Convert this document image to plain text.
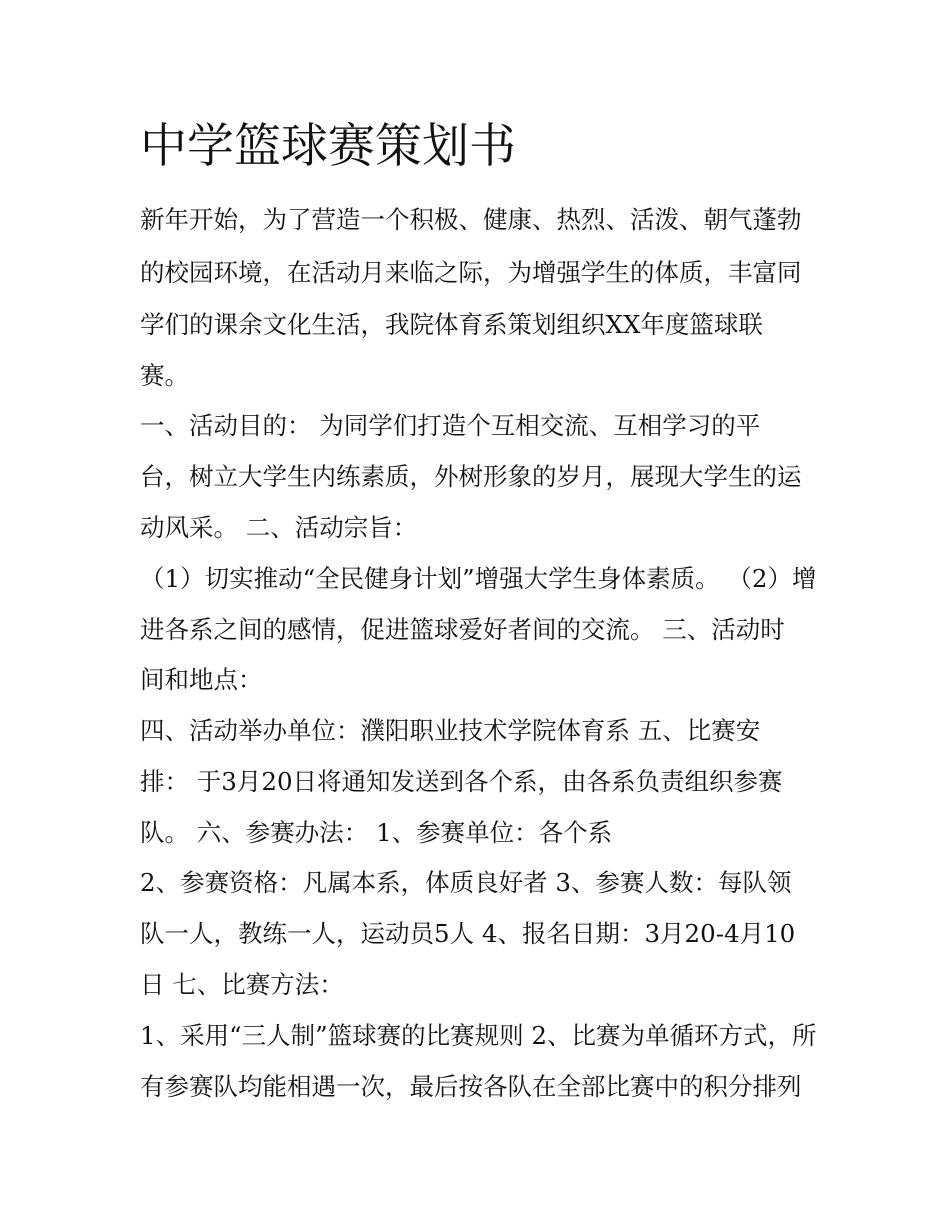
中学篮球赛策划书
新年开始，为了营造一个积极、健康、热烈、活泼、朝气蓬勃
的校园环境，在活动月来临之际，为增强学生的体质，丰富同
学们的课余文化生活，我院体育系策划组织XX年度篮球联
赛。
一、活动目的： 为同学们打造个互相交流、互相学习的平
台，树立大学生内练素质，外树形象的岁月，展现大学生的运
动风采。 二、活动宗旨：
（1）切实推动“全民健身计划”增强大学生身体素质。 （2）增
进各系之间的感情，促进篮球爱好者间的交流。 三、活动时
间和地点：
四、活动举办单位：濮阳职业技术学院体育系 五、比赛安
排： 于3月20日将通知发送到各个系，由各系负责组织参赛
队。 六、参赛办法： 1、参赛单位：各个系
2、参赛资格：凡属本系，体质良好者 3、参赛人数：每队领
队一人，教练一人，运动员5人 4、报名日期：3月20-4月10
日 七、比赛方法：
1、采用“三人制”篮球赛的比赛规则 2、比赛为单循环方式，所
有参赛队均能相遇一次，最后按各队在全部比赛中的积分排列
